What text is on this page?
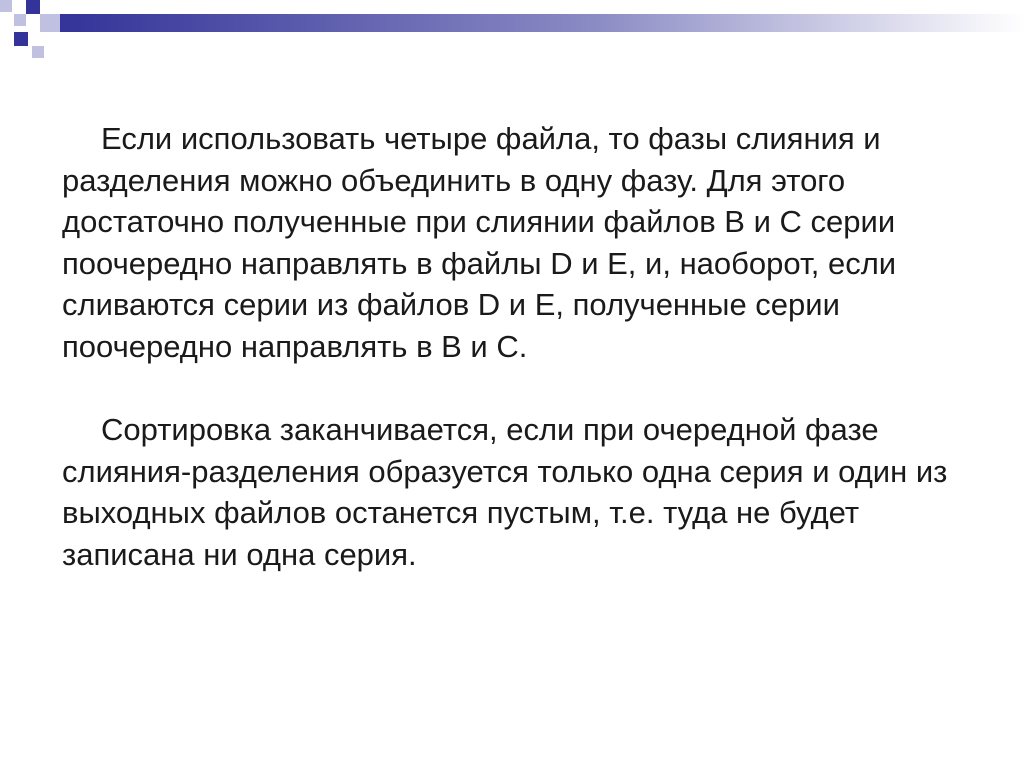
Если использовать четыре файла, то фазы слияния и разделения можно объединить в одну фазу. Для этого достаточно полученные при слиянии файлов B и C серии поочередно направлять в файлы D и E, и, наоборот, если сливаются серии из файлов D и E, полученные серии поочередно направлять в B и C.

Сортировка заканчивается, если при очередной фазе слияния-разделения образуется только одна серия и один из выходных файлов останется пустым, т.е. туда не будет записана ни одна серия.
